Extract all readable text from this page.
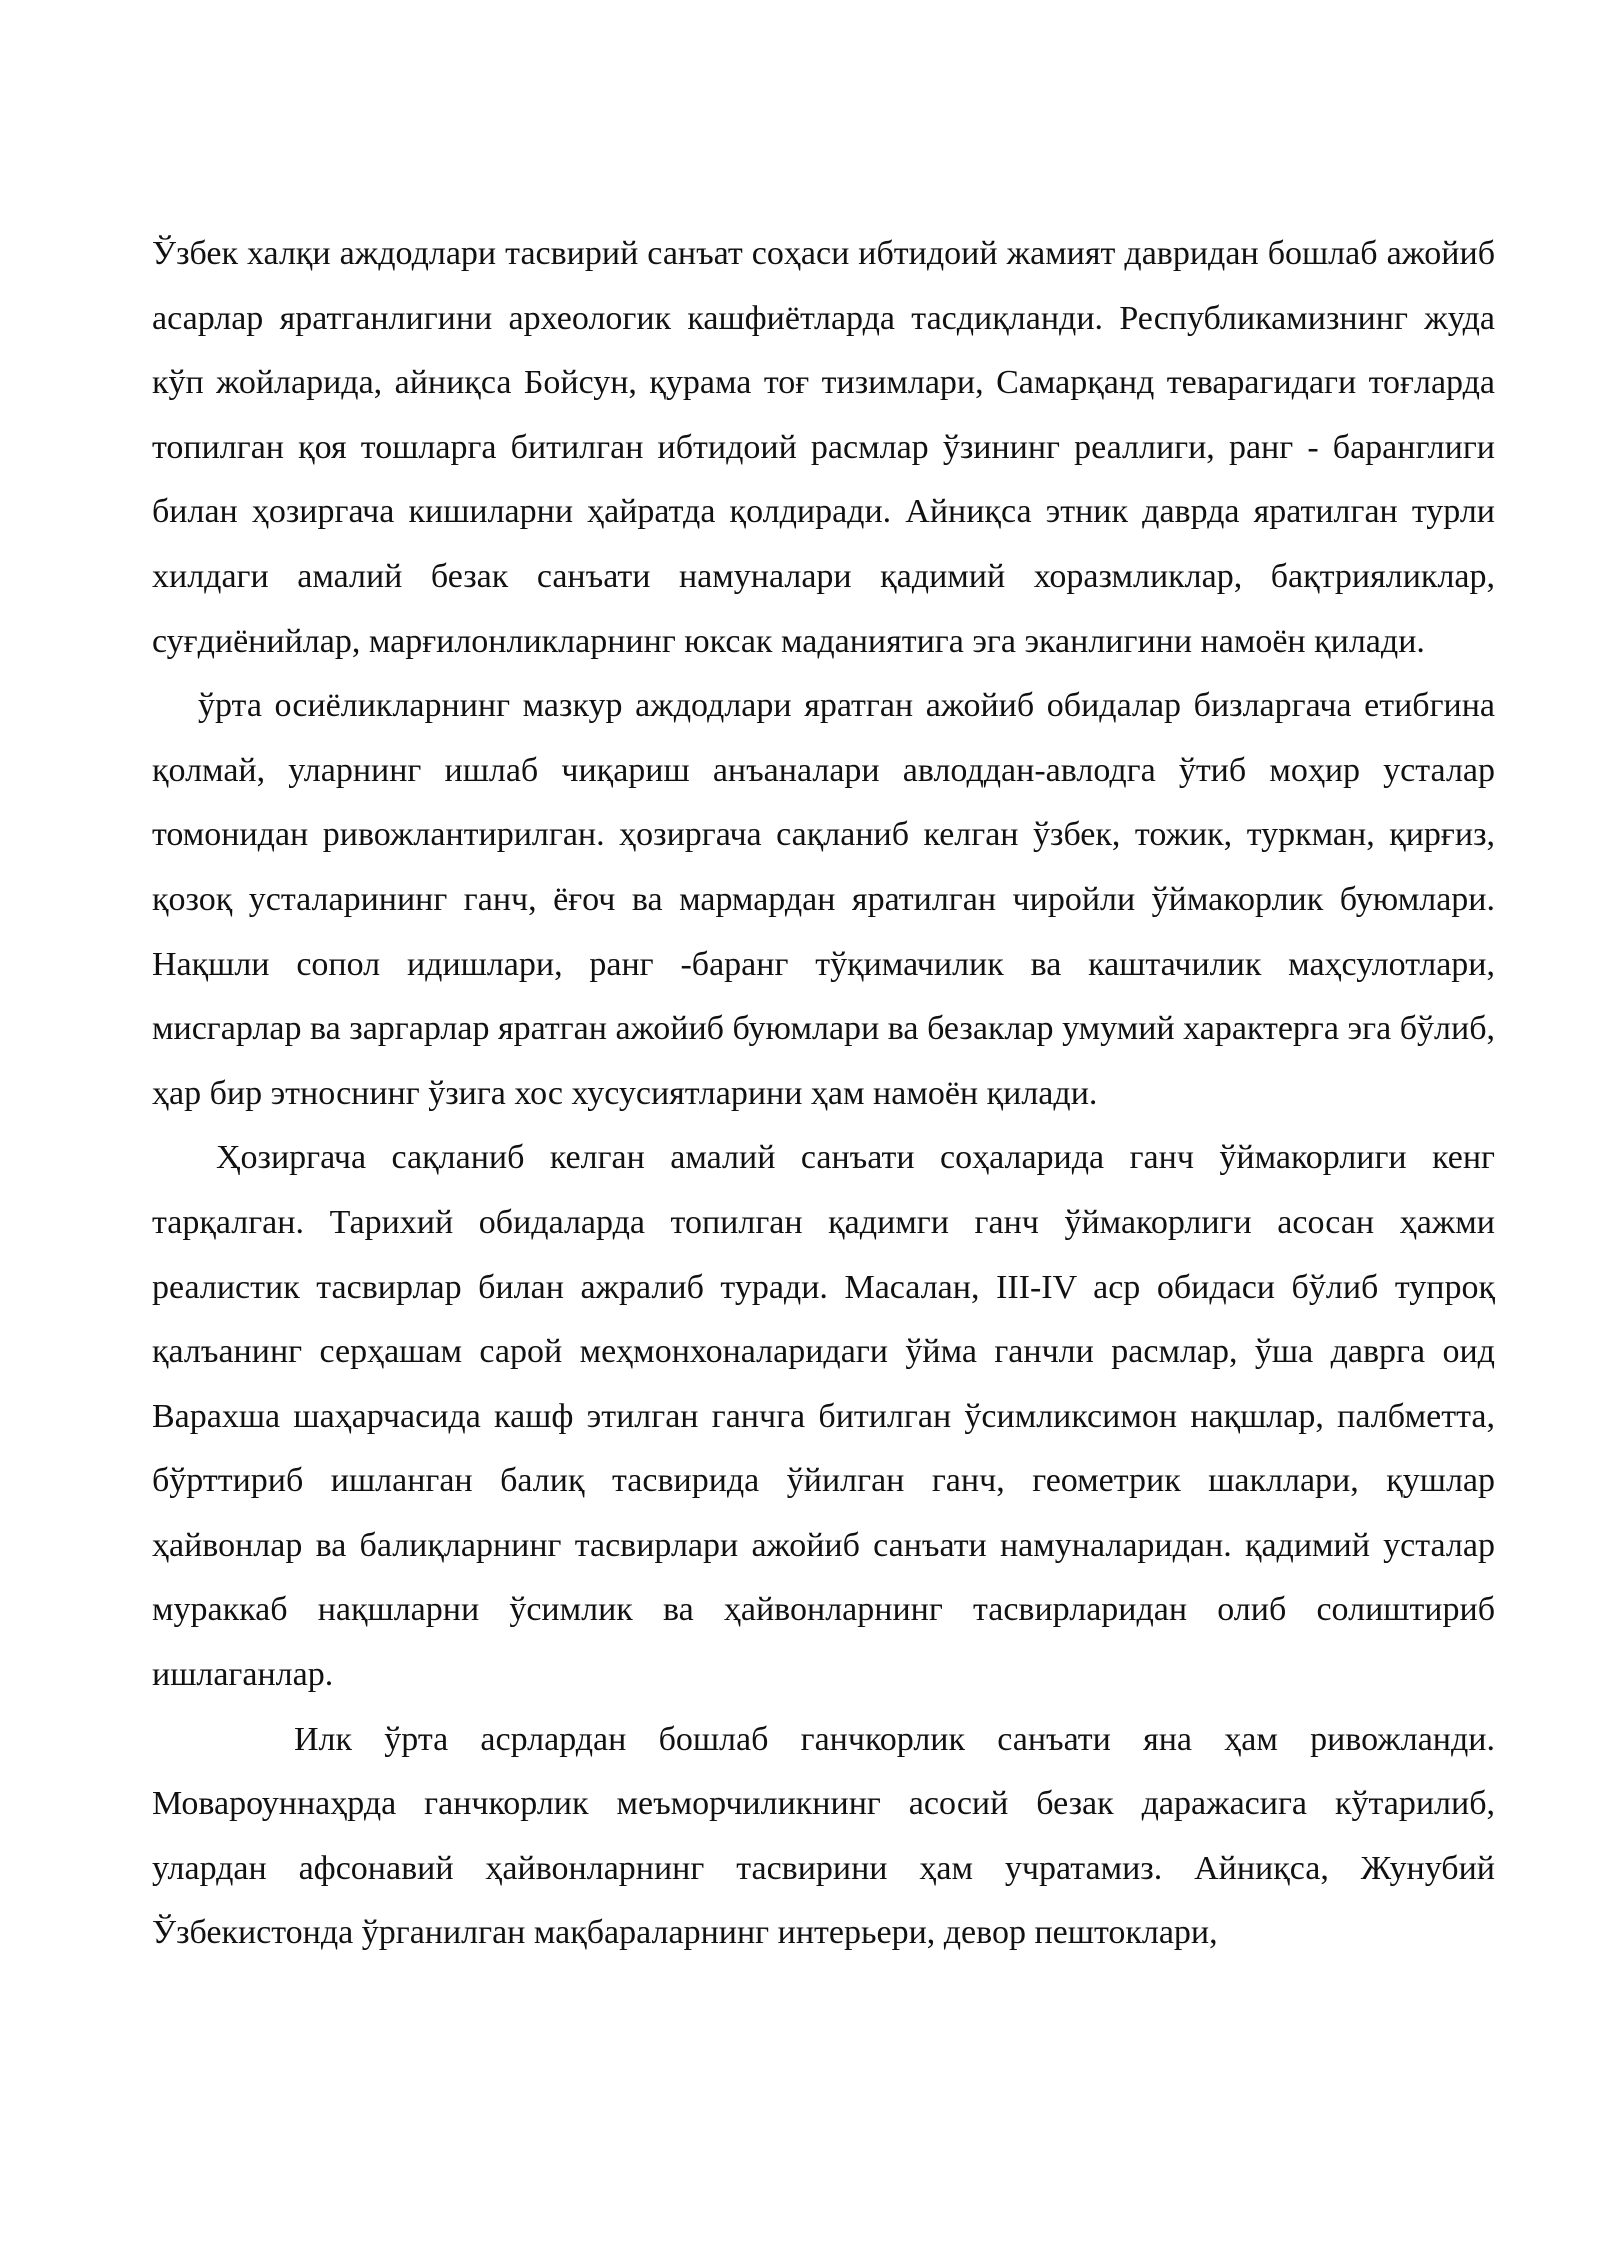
Ўзбек халқи аждодлари тасвирий санъат соҳаси ибтидоий жамият давридан бошлаб ажойиб асарлар яратганлигини археологик кашфиётларда тасдиқланди. Республикамизнинг жуда кўп жойларида, айниқса Бойсун, қурама тоғ тизимлари, Самарқанд теварагидаги тоғларда топилган қоя тошларга битилган ибтидоий расмлар ўзининг реаллиги, ранг - баранглиги билан ҳозиргача кишиларни ҳайратда қолдиради. Айниқса этник даврда яратилган турли хилдаги амалий безак санъати намуналари қадимий хоразмликлар, бақтрияликлар, суғдиёнийлар, марғилонликларнинг юксак маданиятига эга эканлигини намоён қилади.

ўрта осиёликларнинг мазкур аждодлари яратган ажойиб обидалар бизларгача етибгина қолмай, уларнинг ишлаб чиқариш анъаналари авлоддан-авлодга ўтиб моҳир усталар томонидан ривожлантирилган. ҳозиргача сақланиб келган ўзбек, тожик, туркман, қирғиз, қозоқ усталарининг ганч, ёғоч ва мармардан яратилган чиройли ўймакорлик буюмлари. Нақшли сопол идишлари, ранг -баранг тўқимачилик ва каштачилик маҳсулотлари, мисгарлар ва заргарлар яратган ажойиб буюмлари ва безаклар умумий характерга эга бўлиб, ҳар бир этноснинг ўзига хос хусусиятларини ҳам намоён қилади.

Ҳозиргача сақланиб келган амалий санъати соҳаларида ганч ўймакорлиги кенг тарқалган. Тарихий обидаларда топилган қадимги ганч ўймакорлиги асосан ҳажми реалистик тасвирлар билан ажралиб туради. Масалан, III-IV аср обидаси бўлиб тупроқ қалъанинг серҳашам сарой меҳмонхоналаридаги ўйма ганчли расмлар, ўша даврга оид Варахша шаҳарчасида кашф этилган ганчга битилган ўсимликсимон нақшлар, палбметта, бўрттириб ишланган балиқ тасвирида ўйилган ганч, геометрик шакллари, қушлар ҳайвонлар ва балиқларнинг тасвирлари ажойиб санъати намуналаридан. қадимий усталар мураккаб нақшларни ўсимлик ва ҳайвонларнинг тасвирларидан олиб солиштириб ишлаганлар.

Илк ўрта асрлардан бошлаб ганчкорлик санъати яна ҳам ривожланди. Мовароуннаҳрда ганчкорлик меъморчиликнинг асосий безак даражасига кўтарилиб, улардан афсонавий ҳайвонларнинг тасвирини ҳам учратамиз. Айниқса, Жунубий Ўзбекистонда ўрганилган мақбараларнинг интерьери, девор пештоклари,
